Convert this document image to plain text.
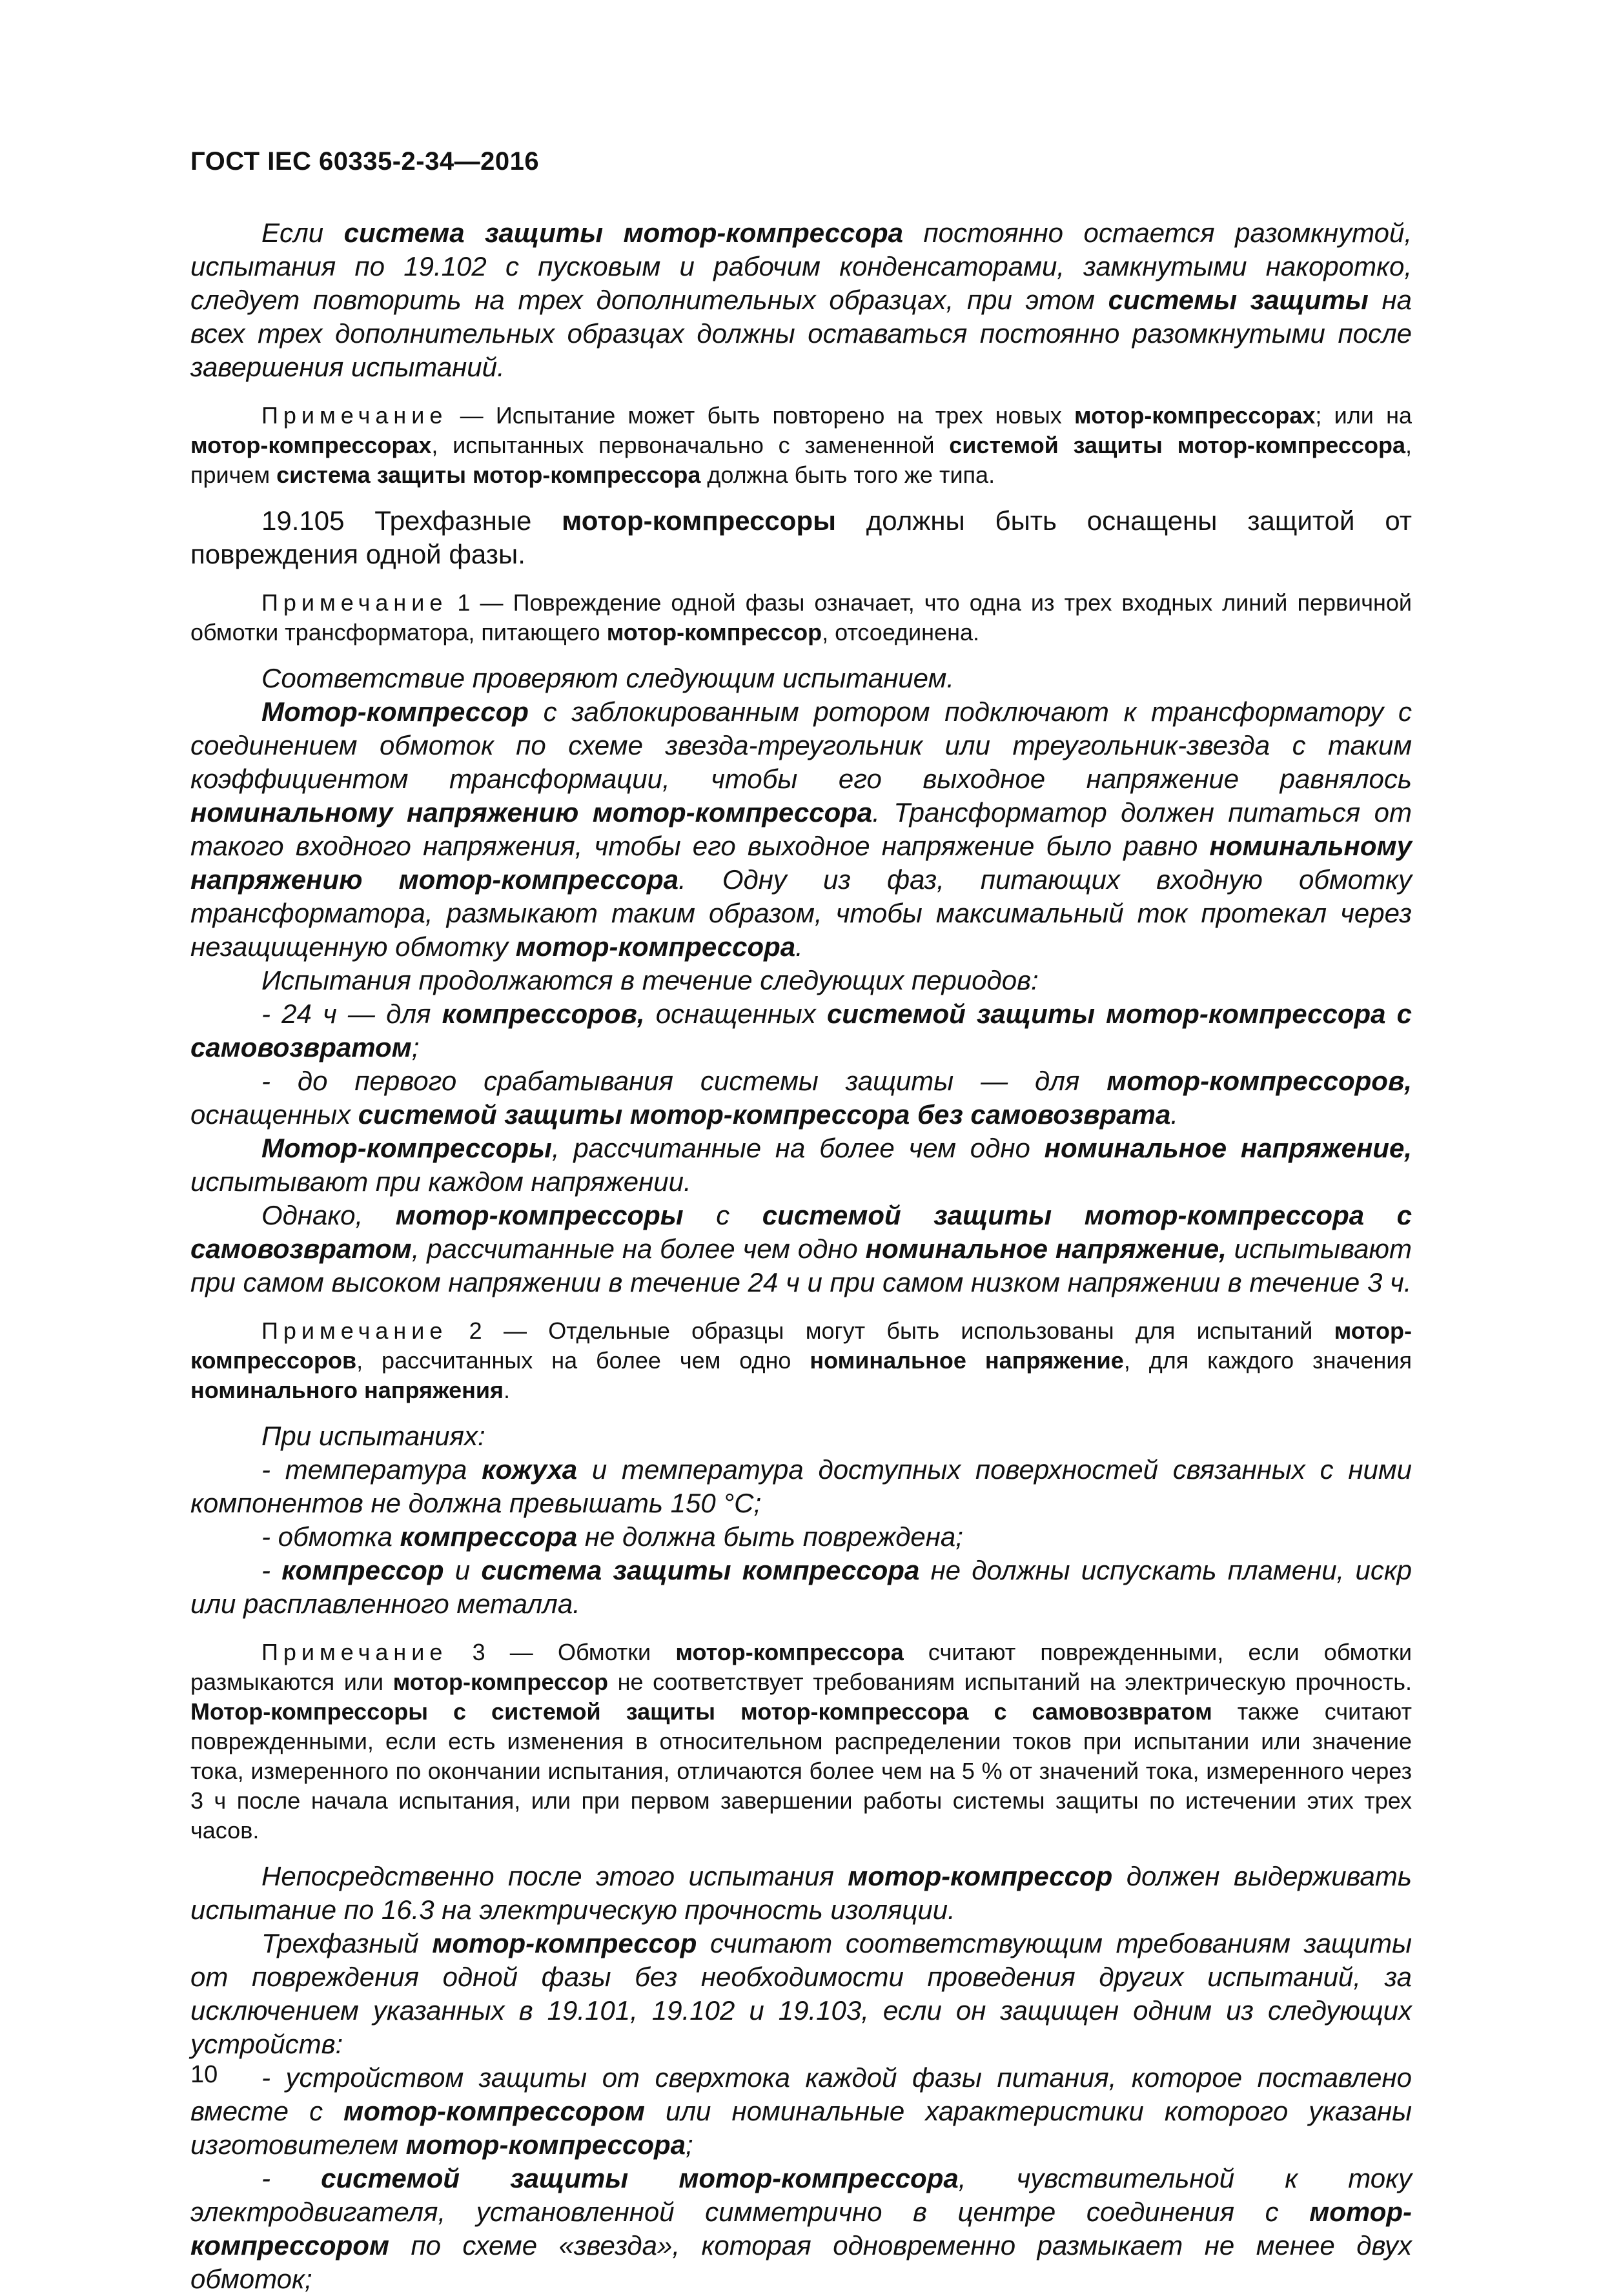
ГОСТ IEC 60335-2-34—2016

Если система защиты мотор-компрессора постоянно остается разомкнутой, испытания по 19.102 с пусковым и рабочим конденсаторами, замкнутыми накоротко, следует повторить на трех дополнительных образцах, при этом системы защиты на всех трех дополнительных образцах должны оставаться постоянно разомкнутыми после завершения испытаний.

Примечание — Испытание может быть повторено на трех новых мотор-компрессорах; или на мотор-компрессорах, испытанных первоначально с замененной системой защиты мотор-компрессора, причем система защиты мотор-компрессора должна быть того же типа.

19.105 Трехфазные мотор-компрессоры должны быть оснащены защитой от повреждения одной фазы.

Примечание 1 — Повреждение одной фазы означает, что одна из трех входных линий первичной обмотки трансформатора, питающего мотор-компрессор, отсоединена.

Соответствие проверяют следующим испытанием.

Мотор-компрессор с заблокированным ротором подключают к трансформатору с соединением обмоток по схеме звезда-треугольник или треугольник-звезда с таким коэффициентом трансформации, чтобы его выходное напряжение равнялось номинальному напряжению мотор-компрессора. Трансформатор должен питаться от такого входного напряжения, чтобы его выходное напряжение было равно номинальному напряжению мотор-компрессора. Одну из фаз, питающих входную обмотку трансформатора, размыкают таким образом, чтобы максимальный ток протекал через незащищенную обмотку мотор-компрессора.

Испытания продолжаются в течение следующих периодов:

- 24 ч — для компрессоров, оснащенных системой защиты мотор-компрессора с самовозвратом;

- до первого срабатывания системы защиты — для мотор-компрессоров, оснащенных системой защиты мотор-компрессора без самовозврата.

Мотор-компрессоры, рассчитанные на более чем одно номинальное напряжение, испытывают при каждом напряжении.

Однако, мотор-компрессоры с системой защиты мотор-компрессора с самовозвратом, рассчитанные на более чем одно номинальное напряжение, испытывают при самом высоком напряжении в течение 24 ч и при самом низком напряжении в течение 3 ч.

Примечание 2 — Отдельные образцы могут быть использованы для испытаний мотор-компрессоров, рассчитанных на более чем одно номинальное напряжение, для каждого значения номинального напряжения.

При испытаниях:

- температура кожуха и температура доступных поверхностей связанных с ними компонентов не должна превышать 150 °С;

- обмотка компрессора не должна быть повреждена;

- компрессор и система защиты компрессора не должны испускать пламени, искр или расплавленного металла.

Примечание 3 — Обмотки мотор-компрессора считают поврежденными, если обмотки размыкаются или мотор-компрессор не соответствует требованиям испытаний на электрическую прочность. Мотор-компрессоры с системой защиты мотор-компрессора с самовозвратом также считают поврежденными, если есть изменения в относительном распределении токов при испытании или значение тока, измеренного по окончании испытания, отличаются более чем на 5 % от значений тока, измеренного через 3 ч после начала испытания, или при первом завершении работы системы защиты по истечении этих трех часов.

Непосредственно после этого испытания мотор-компрессор должен выдерживать испытание по 16.3 на электрическую прочность изоляции.

Трехфазный мотор-компрессор считают соответствующим требованиям защиты от повреждения одной фазы без необходимости проведения других испытаний, за исключением указанных в 19.101, 19.102 и 19.103, если он защищен одним из следующих устройств:

- устройством защиты от сверхтока каждой фазы питания, которое поставлено вместе с мотор-компрессором или номинальные характеристики которого указаны изготовителем мотор-компрессора;

- системой защиты мотор-компрессора, чувствительной к току электродвигателя, установленной симметрично в центре соединения с мотор-компрессором по схеме «звезда», которая одновременно размыкает не менее двух обмоток;

10
